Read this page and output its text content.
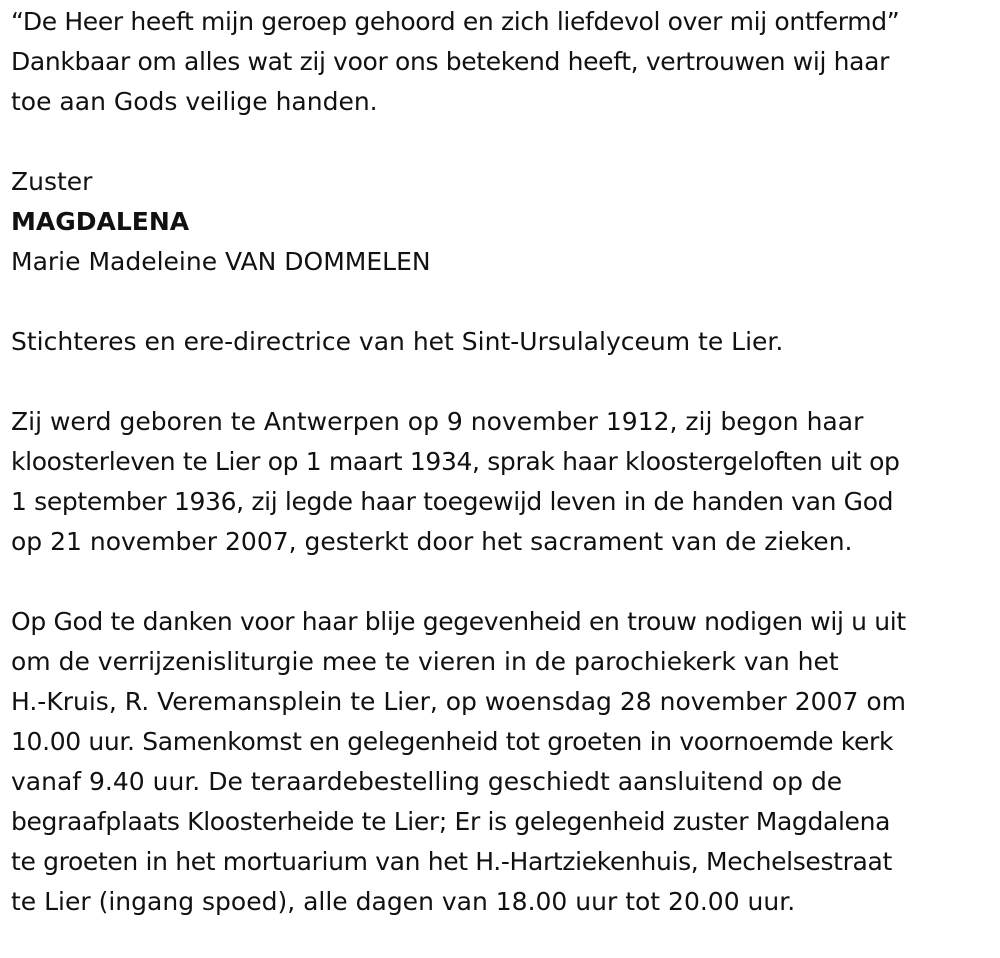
“De Heer heeft mijn geroep gehoord en zich liefdevol over mij ontfermd”
Dankbaar om alles wat zij voor ons betekend heeft, vertrouwen wij haar
toe aan Gods veilige handen.
Zuster
MAGDALENA
Marie Madeleine VAN DOMMELEN
Stichteres en ere-directrice van het Sint-Ursulalyceum te Lier.
Zij werd geboren te Antwerpen op 9 november 1912, zij begon haar
kloosterleven te Lier op 1 maart 1934, sprak haar kloostergeloften uit op
1 september 1936, zij legde haar toegewijd leven in de handen van God
op 21 november 2007, gesterkt door het sacrament van de zieken.
Op God te danken voor haar blije gegevenheid en trouw nodigen wij u uit
om de verrijzenisliturgie mee te vieren in de parochiekerk van het
H.-Kruis, R. Veremansplein te Lier, op woensdag 28 november 2007 om
10.00 uur. Samenkomst en gelegenheid tot groeten in voornoemde kerk
vanaf 9.40 uur. De teraardebestelling geschiedt aansluitend op de
begraafplaats Kloosterheide te Lier; Er is gelegenheid zuster Magdalena
te groeten in het mortuarium van het H.-Hartziekenhuis, Mechelsestraat
te Lier (ingang spoed), alle dagen van 18.00 uur tot 20.00 uur.
